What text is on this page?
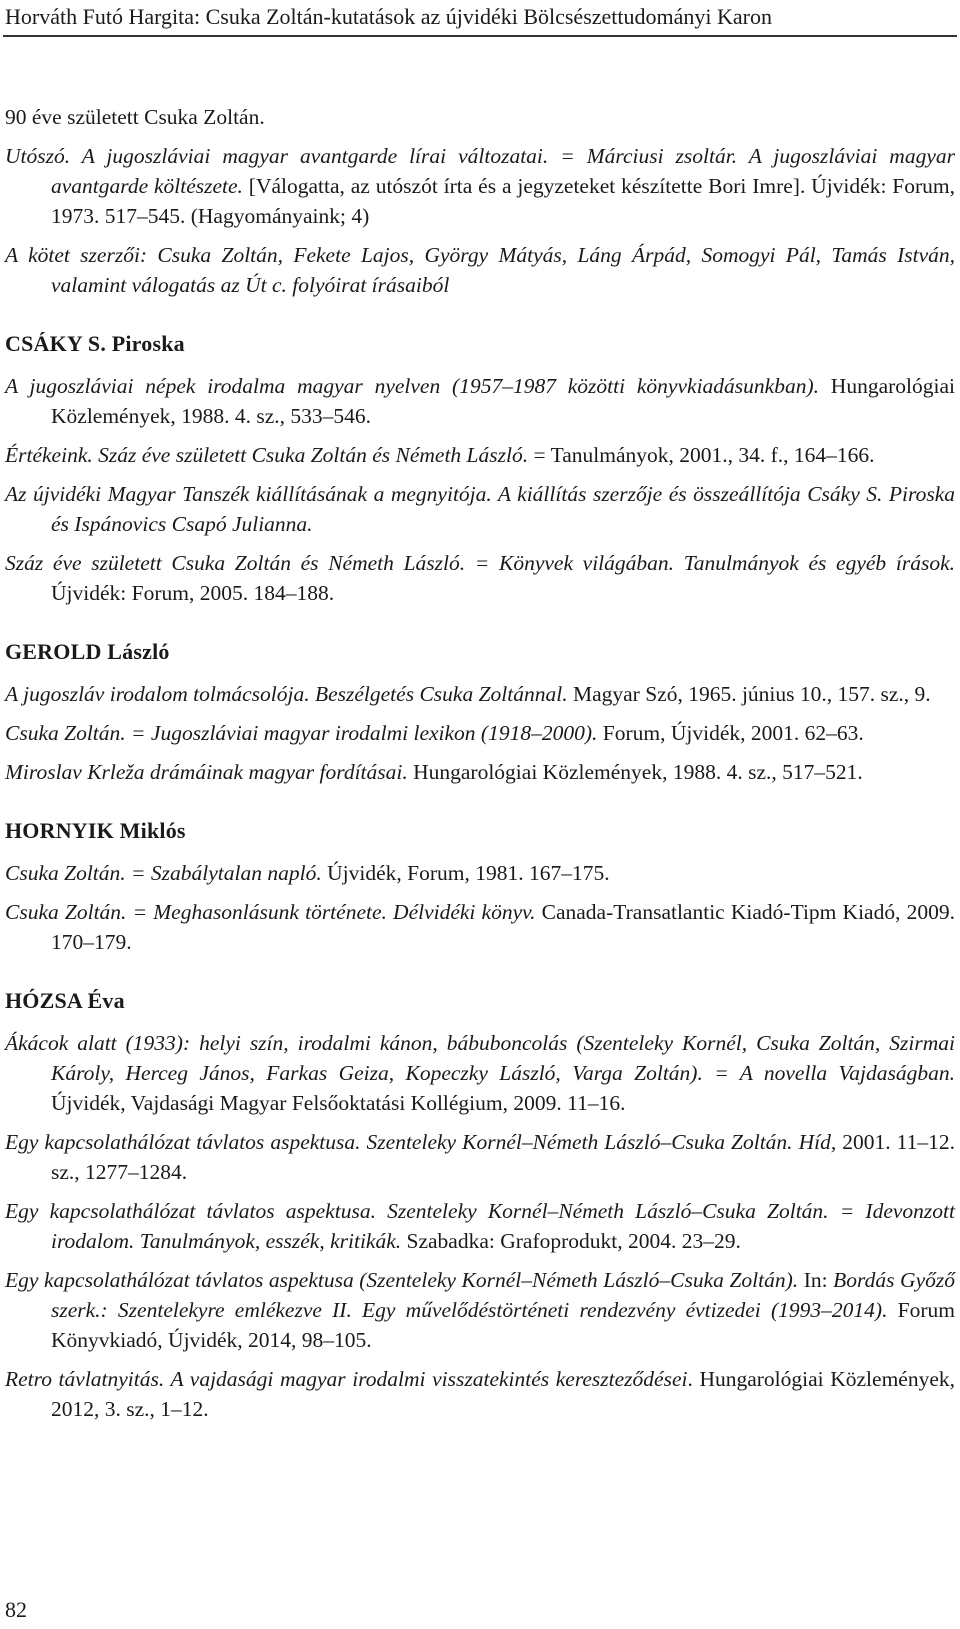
Horváth Futó Hargita: Csuka Zoltán-kutatások az újvidéki Bölcsészettudományi Karon

90 éve született Csuka Zoltán.

Utószó. A jugoszláviai magyar avantgarde lírai változatai. = Márciusi zsoltár. A jugoszláviai magyar avantgarde költészete. [Válogatta, az utószót írta és a jegyzeteket készítette Bori Imre]. Újvidék: Forum, 1973. 517–545. (Hagyományaink; 4)

A kötet szerzői: Csuka Zoltán, Fekete Lajos, György Mátyás, Láng Árpád, Somogyi Pál, Tamás István, valamint válogatás az Út c. folyóirat írásaiból

CSÁKY S. Piroska

A jugoszláviai népek irodalma magyar nyelven (1957–1987 közötti könyvkiadásunkban). Hungarológiai Közlemények, 1988. 4. sz., 533–546.

Értékeink. Száz éve született Csuka Zoltán és Németh László. = Tanulmányok, 2001., 34. f., 164–166.

Az újvidéki Magyar Tanszék kiállításának a megnyitója. A kiállítás szerzője és összeállítója Csáky S. Piroska és Ispánovics Csapó Julianna.

Száz éve született Csuka Zoltán és Németh László. = Könyvek világában. Tanulmányok és egyéb írások. Újvidék: Forum, 2005. 184–188.

GEROLD László

A jugoszláv irodalom tolmácsolója. Beszélgetés Csuka Zoltánnal. Magyar Szó, 1965. június 10., 157. sz., 9.

Csuka Zoltán. = Jugoszláviai magyar irodalmi lexikon (1918–2000). Forum, Újvidék, 2001. 62–63.

Miroslav Krleža drámáinak magyar fordításai. Hungarológiai Közlemények, 1988. 4. sz., 517–521.

HORNYIK Miklós

Csuka Zoltán. = Szabálytalan napló. Újvidék, Forum, 1981. 167–175.

Csuka Zoltán. = Meghasonlásunk története. Délvidéki könyv. Canada-Transatlantic Kiadó-Tipm Kiadó, 2009. 170–179.

HÓZSA Éva

Ákácok alatt (1933): helyi szín, irodalmi kánon, bábuboncolás (Szenteleky Kornél, Csuka Zoltán, Szirmai Károly, Herceg János, Farkas Geiza, Kopeczky László, Varga Zoltán). = A novella Vajdaságban. Újvidék, Vajdasági Magyar Felsőoktatási Kollégium, 2009. 11–16.

Egy kapcsolathálózat távlatos aspektusa. Szenteleky Kornél–Németh László–Csuka Zoltán. Híd, 2001. 11–12. sz., 1277–1284.

Egy kapcsolathálózat távlatos aspektusa. Szenteleky Kornél–Németh László–Csuka Zoltán. = Idevonzott irodalom. Tanulmányok, esszék, kritikák. Szabadka: Grafoprodukt, 2004. 23–29.

Egy kapcsolathálózat távlatos aspektusa (Szenteleky Kornél–Németh László–Csuka Zoltán). In: Bordás Győző szerk.: Szentelekyre emlékezve II. Egy művelődéstörténeti rendezvény évtizedei (1993–2014). Forum Könyvkiadó, Újvidék, 2014, 98–105.

Retro távlatnyitás. A vajdasági magyar irodalmi visszatekintés kereszteződései. Hungarológiai Közlemények, 2012, 3. sz., 1–12.

82
